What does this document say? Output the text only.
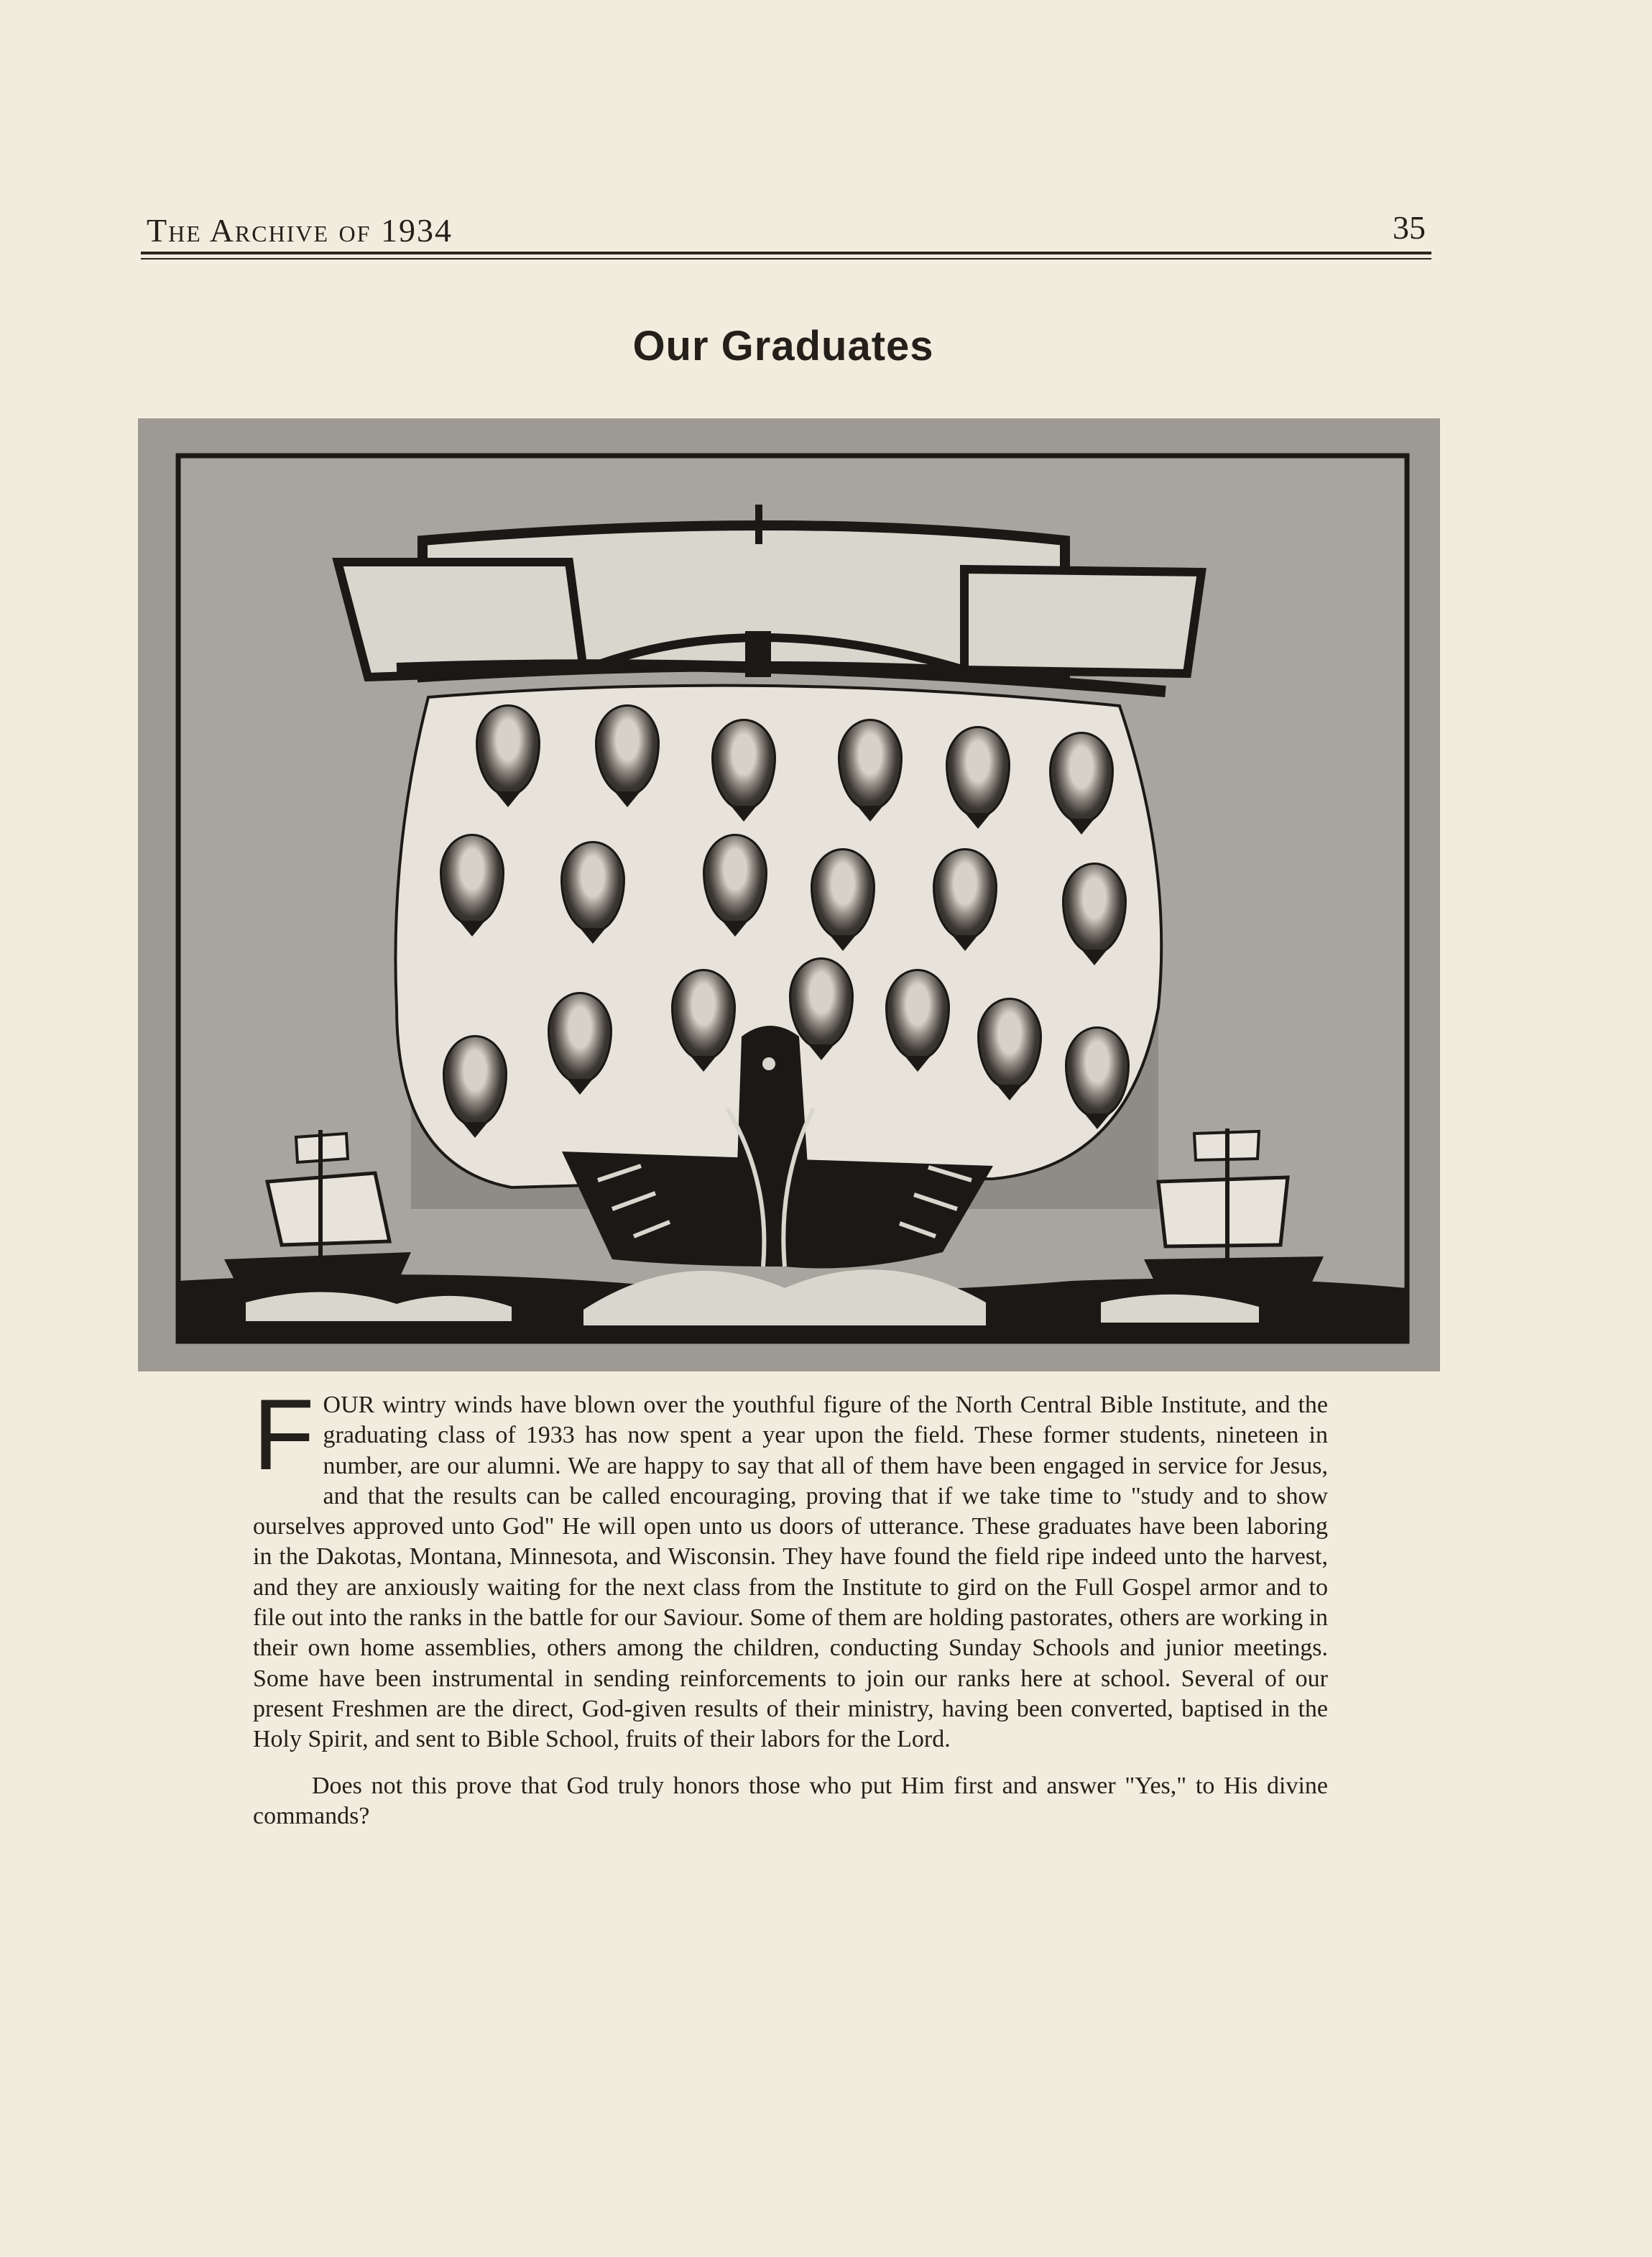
The Archive of 1934	35
Our Graduates

FOUR wintry winds have blown over the youthful figure of the North Central Bible Institute, and the graduating class of 1933 has now spent a year upon the field. These former students, nineteen in number, are our alumni. We are happy to say that all of them have been engaged in service for Jesus, and that the results can be called encouraging, proving that if we take time to "study and to show ourselves approved unto God" He will open unto us doors of utterance. These graduates have been laboring in the Dakotas, Montana, Minnesota, and Wisconsin. They have found the field ripe indeed unto the harvest, and they are anxiously waiting for the next class from the Institute to gird on the Full Gospel armor and to file out into the ranks in the battle for our Saviour. Some of them are holding pastorates, others are working in their own home assemblies, others among the children, conducting Sunday Schools and junior meetings. Some have been instrumental in sending reinforcements to join our ranks here at school. Several of our present Freshmen are the direct, God-given results of their ministry, having been converted, baptised in the Holy Spirit, and sent to Bible School, fruits of their labors for the Lord.

Does not this prove that God truly honors those who put Him first and answer "Yes," to His divine commands?
